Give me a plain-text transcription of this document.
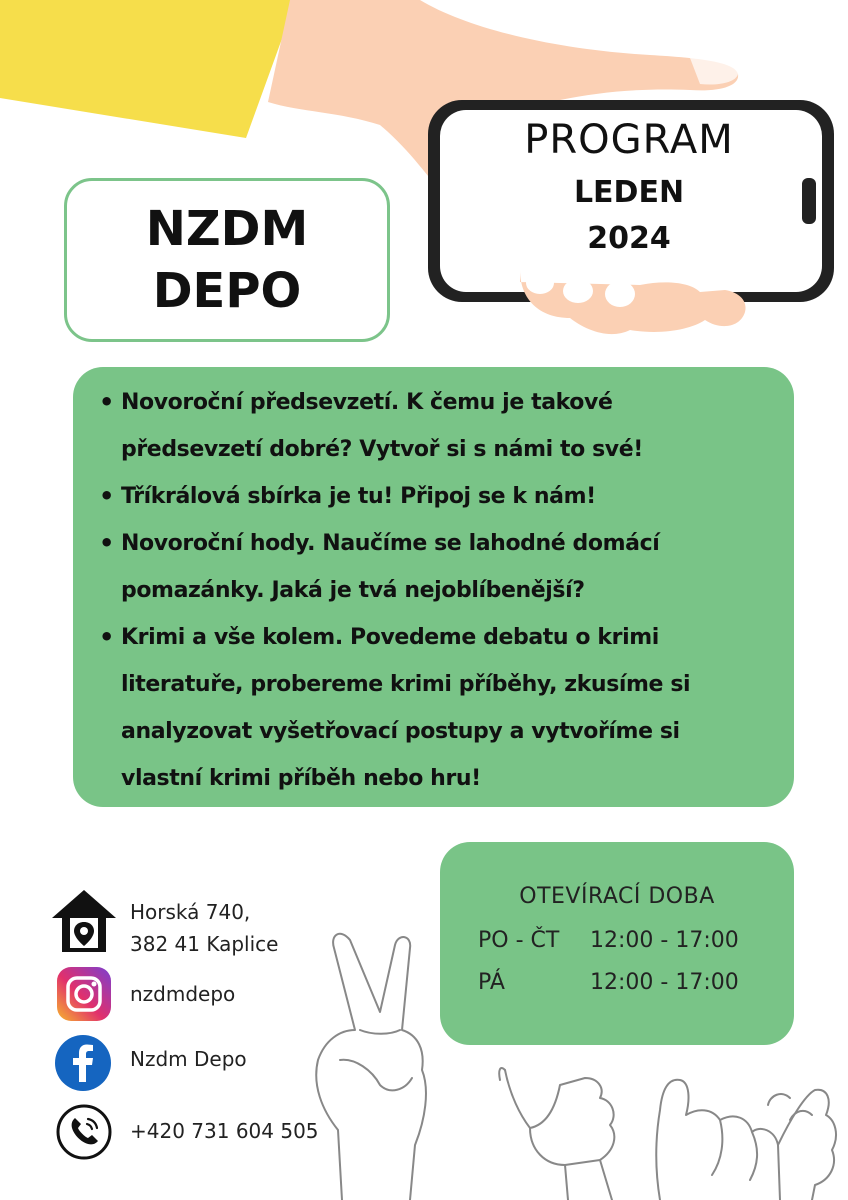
NZDM
DEPO
PROGRAM
LEDEN
2024
• Novoroční předsevzetí. K čemu je takové předsevzetí dobré? Vytvoř si s námi to své!
• Tříkrálová sbírka je tu! Připoj se k nám!
• Novoroční hody. Naučíme se lahodné domácí pomazánky. Jaká je tvá nejoblíbenější?
• Krimi a vše kolem. Povedeme debatu o krimi literatuře, probereme krimi příběhy, zkusíme si analyzovat vyšetřovací postupy a vytvoříme si vlastní krimi příběh nebo hru!
OTEVÍRACÍ DOBA
PO - ČT 12:00 - 17:00
PÁ	12:00 - 17:00
Horská 740,
382 41 Kaplice
nzdmdepo
Nzdm Depo
+420 731 604 505
